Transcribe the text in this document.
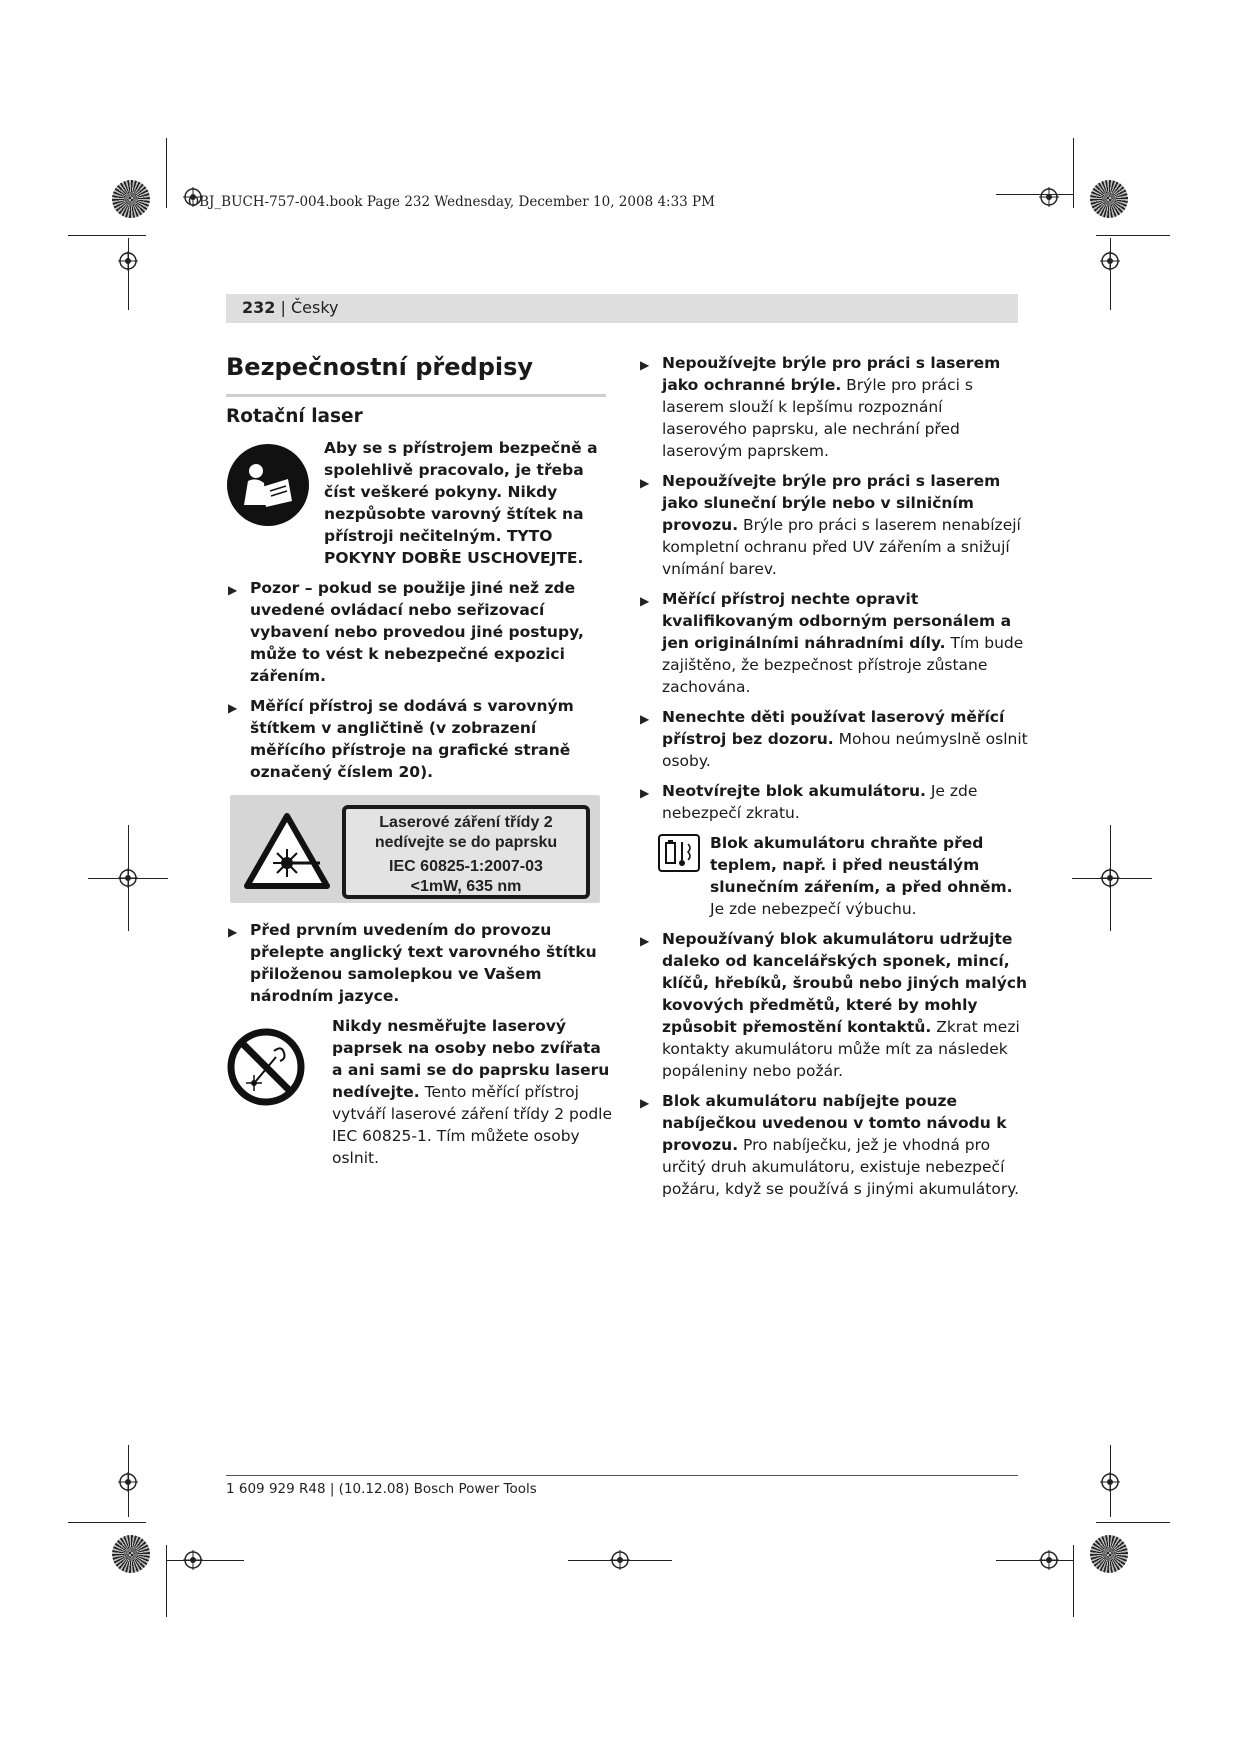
OBJ_BUCH-757-004.book Page 232 Wednesday, December 10, 2008 4:33 PM
232 | Česky
Bezpečnostní předpisy
Rotační laser
Aby se s přístrojem bezpečně a spolehlivě pracovalo, je třeba číst veškeré pokyny. Nikdy nezpůsobte varovný štítek na přístroji nečitelným. TYTO POKYNY DOBŘE USCHOVEJTE.
▶ Pozor – pokud se použije jiné než zde uvedené ovládací nebo seřizovací vybavení nebo provedou jiné postupy, může to vést k nebezpečné expozici zářením.
▶ Měřící přístroj se dodává s varovným štítkem v angličtině (v zobrazení měřícího přístroje na grafické straně označený číslem 20).
Laserové záření třídy 2
nedívejte se do paprsku
IEC 60825-1:2007-03
<1mW, 635 nm
▶ Před prvním uvedením do provozu přelepte anglický text varovného štítku přiloženou samolepkou ve Vašem národním jazyce.
Nikdy nesměřujte laserový paprsek na osoby nebo zvířata a ani sami se do paprsku laseru nedívejte. Tento měřící přístroj vytváří laserové záření třídy 2 podle IEC 60825-1. Tím můžete osoby oslnit.
▶ Nepoužívejte brýle pro práci s laserem jako ochranné brýle. Brýle pro práci s laserem slouží k lepšímu rozpoznání laserového paprsku, ale nechrání před laserovým paprskem.
▶ Nepoužívejte brýle pro práci s laserem jako sluneční brýle nebo v silničním provozu. Brýle pro práci s laserem nenabízejí kompletní ochranu před UV zářením a snižují vnímání barev.
▶ Měřící přístroj nechte opravit kvalifikovaným odborným personálem a jen originálními náhradními díly. Tím bude zajištěno, že bezpečnost přístroje zůstane zachována.
▶ Nenechte děti používat laserový měřící přístroj bez dozoru. Mohou neúmyslně oslnit osoby.
▶ Neotvírejte blok akumulátoru. Je zde nebezpečí zkratu.
Blok akumulátoru chraňte před teplem, např. i před neustálým slunečním zářením, a před ohněm. Je zde nebezpečí výbuchu.
▶ Nepoužívaný blok akumulátoru udržujte daleko od kancelářských sponek, mincí, klíčů, hřebíků, šroubů nebo jiných malých kovových předmětů, které by mohly způsobit přemostění kontaktů. Zkrat mezi kontakty akumulátoru může mít za následek popáleniny nebo požár.
▶ Blok akumulátoru nabíjejte pouze nabíječkou uvedenou v tomto návodu k provozu. Pro nabíječku, jež je vhodná pro určitý druh akumulátoru, existuje nebezpečí požáru, když se používá s jinými akumulátory.
1 609 929 R48 | (10.12.08) Bosch Power Tools
